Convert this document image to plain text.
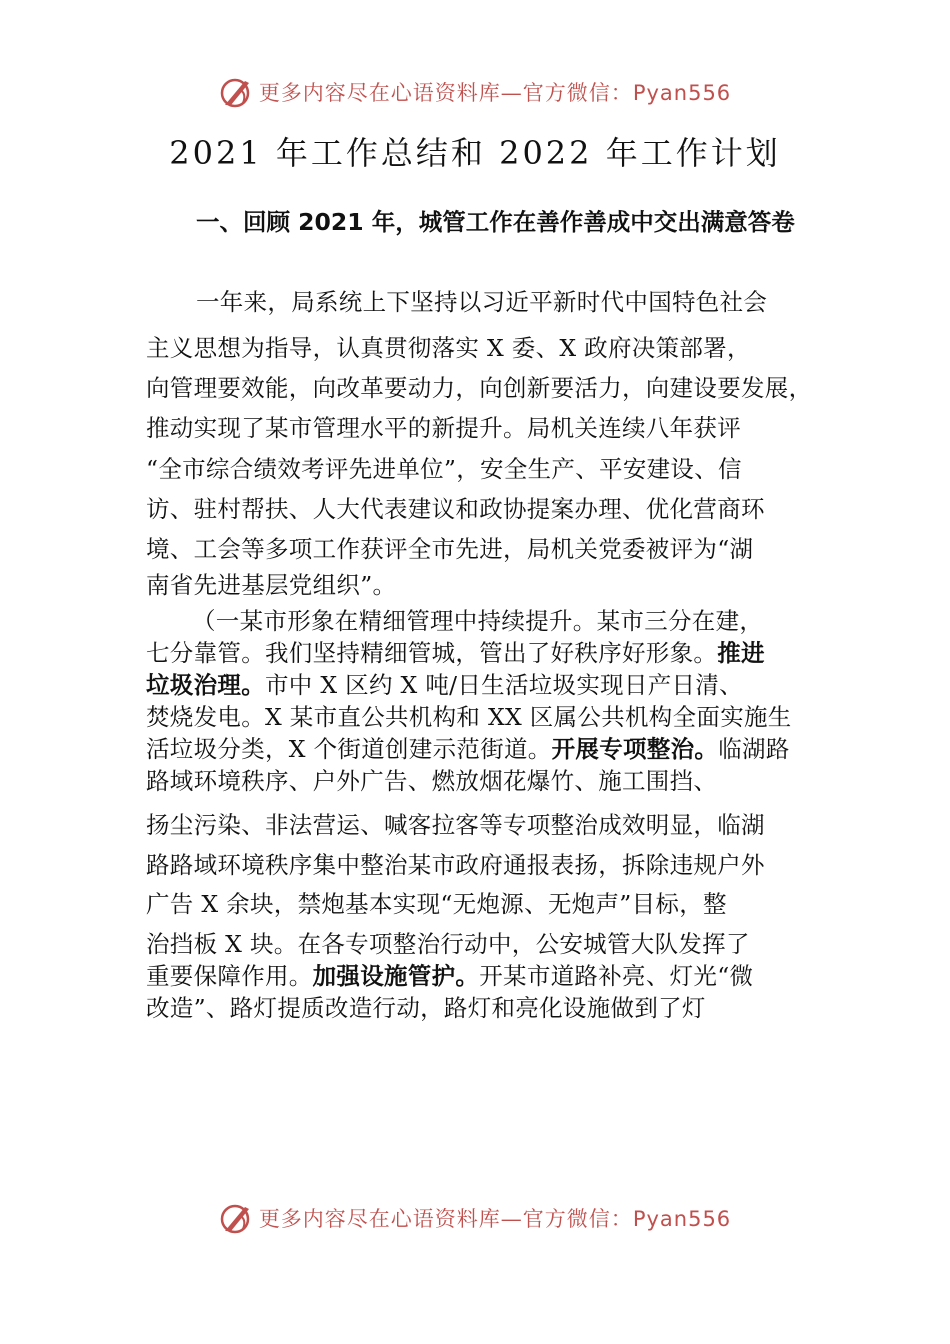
更多内容尽在心语资料库—官方微信：Pyan556
2021 年工作总结和 2022 年工作计划
一、回顾 2021 年，城管工作在善作善成中交出满意答卷
一年来，局系统上下坚持以习近平新时代中国特色社会
主义思想为指导，认真贯彻落实 X 委、X 政府决策部署，
向管理要效能，向改革要动力，向创新要活力，向建设要发展，
推动实现了某市管理水平的新提升。局机关连续八年获评
“全市综合绩效考评先进单位”，安全生产、平安建设、信
访、驻村帮扶、人大代表建议和政协提案办理、优化营商环
境、工会等多项工作获评全市先进，局机关党委被评为“湖
南省先进基层党组织”。
（一某市形象在精细管理中持续提升。某市三分在建，
七分靠管。我们坚持精细管城，管出了好秩序好形象。推进
垃圾治理。市中 X 区约 X 吨/日生活垃圾实现日产日清、
焚烧发电。X 某市直公共机构和 XX 区属公共机构全面实施生
活垃圾分类，X 个街道创建示范街道。开展专项整治。临湖路
路域环境秩序、户外广告、燃放烟花爆竹、施工围挡、
扬尘污染、非法营运、喊客拉客等专项整治成效明显，临湖
路路域环境秩序集中整治某市政府通报表扬，拆除违规户外
广告 X 余块，禁炮基本实现“无炮源、无炮声”目标，整
治挡板 X 块。在各专项整治行动中，公安城管大队发挥了
重要保障作用。加强设施管护。开某市道路补亮、灯光“微
改造”、路灯提质改造行动，路灯和亮化设施做到了灯
更多内容尽在心语资料库—官方微信：Pyan556
